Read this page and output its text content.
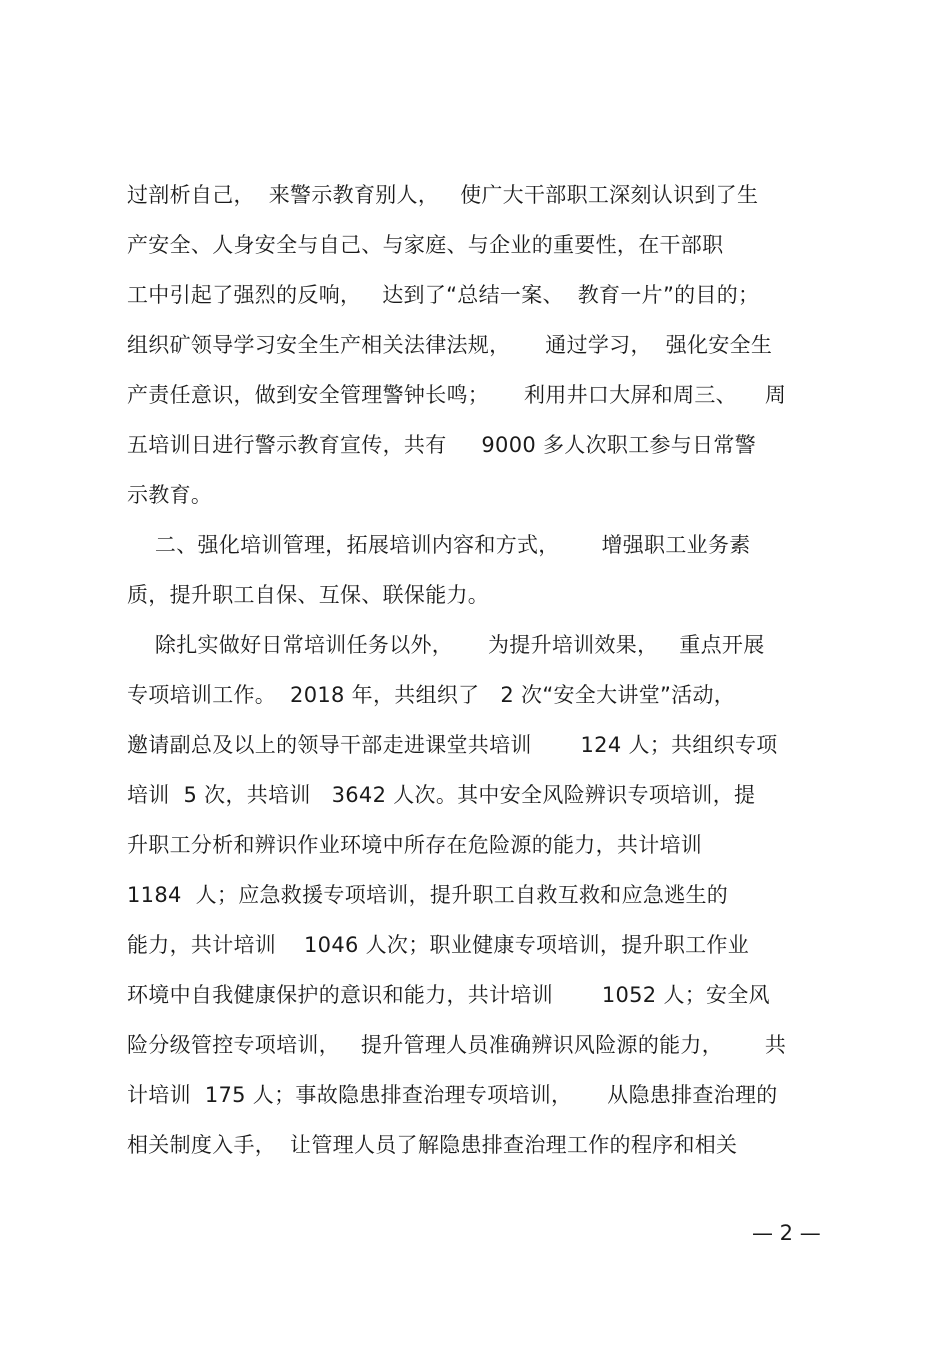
过剖析自己，  来警示教育别人，   使广大干部职工深刻认识到了生
产安全、人身安全与自己、与家庭、与企业的重要性，在干部职
工中引起了强烈的反响，   达到了“总结一案、  教育一片”的目的；
组织矿领导学习安全生产相关法律法规，     通过学习，  强化安全生
产责任意识，做到安全管理警钟长鸣；     利用井口大屏和周三、    周
五培训日进行警示教育宣传，共有     9000 多人次职工参与日常警
示教育。
二、强化培训管理，拓展培训内容和方式，      增强职工业务素
质，提升职工自保、互保、联保能力。
除扎实做好日常培训任务以外，     为提升培训效果，   重点开展
专项培训工作。  2018 年，共组织了   2 次“安全大讲堂”活动，
邀请副总及以上的领导干部走进课堂共培训       124 人；共组织专项
培训  5 次，共培训   3642 人次。其中安全风险辨识专项培训，提
升职工分析和辨识作业环境中所存在危险源的能力，共计培训
1184  人；应急救援专项培训，提升职工自救互救和应急逃生的
能力，共计培训    1046 人次；职业健康专项培训，提升职工作业
环境中自我健康保护的意识和能力，共计培训       1052 人；安全风
险分级管控专项培训，   提升管理人员准确辨识风险源的能力，      共
计培训  175 人；事故隐患排查治理专项培训，     从隐患排查治理的
相关制度入手，  让管理人员了解隐患排查治理工作的程序和相关
— 2 —
